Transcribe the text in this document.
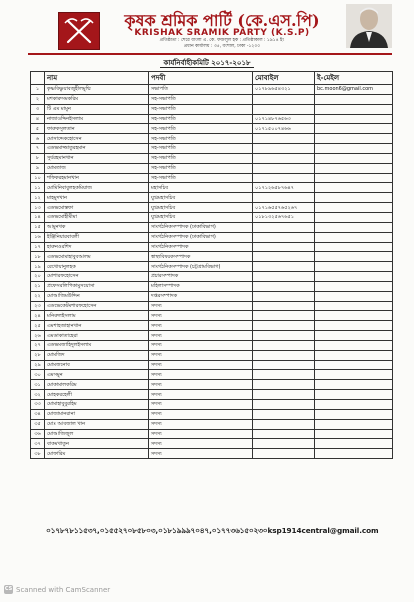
কৃষক শ্রমিক পার্টি (কে.এস.পি)
KRISHAK SRAMIK PARTY (K.S.P)
প্রতিষ্ঠাতা : শেরে বাংলা এ. কে. ফজলুল হক : প্রতিষ্ঠাকাল : ১৯১৪ ইং
প্রধান কার্যালয় : ৩৫, বংশাল, ঢাকা -১২০০
কার্যনির্বাহীকমিটি ২০১৭-২০১৮
	নাম	পদবী	মোবাইল	ই-মেইল
১	কৃষ্ণবিষ্ণুয়াবজুহীলমুম্মি	সভাপতি	০১৭৮৯৬৫৪৩২১	bc.moon6@gmail.com
২	মশকারুসমকরিম	সহ-সভাপতি		
৩	টি এম মামুন	সহ-সভাপতি		
৪	নাজাওদ্দিনইসলাম	সহ-সভাপতি	০১৭১৪৮৭৬৫৬৩	
৫	ফারুকসুলতান	সহ-সভাপতি	০১৭১৫০০৭৪৬৬	
৬	মোসাদ্দেকহোসেন	সহ-সভাপতি		
৭	এডভমাজ্জাতুরহমান	সহ-সভাপতি		
৮	সুর্যরহমানখান	সহ-সভাপতি		
৯	মোমতাজ	সহ-সভাপতি		
১০	শফিকরহমানখান	সহ-সভাপতি		
১১	মোমিনিবাবুলহকমিয়াজ	মহাসচিব	০১৭১২৬৫৮৭৬৪৭	
১২	মাহমুদখান	যুগ্মমহাসচিব		
১৩	এডভমোস্তফা	যুগ্মমহাসচিব	০১৭১৬৫৫৭৬৫২৬৭	
১৪	এডভমোহীমীমা	যুগ্মমহাসচিব	০১৮১৩২৫৬৭৬৫১	
১৫	আমুনখক	সাংগঠনিকসম্পাদক (ঢাকাবিভাগ)		
১৬	ইঞ্জিনিয়ারবাবলী	সাংগঠনিকসম্পাদক (ঢাকাবিভাগ)		
১৭	হারুনওরশিদ	সাংগঠনিকসম্পাদক		
১৮	এডভমোমাহাবুবআলম	স্বাস্থ্যবিষয়কসম্পাদক		
১৯	রেখোয়ানুলহক	সাংগঠনিকসম্পাদক (চট্টগ্রামবিভাগ)		
২০	মোশারফহোসেন	প্রচারসম্পাদক		
২১	প্রফেসরলিপিকামুসয়োসা	মহিলাসম্পাদক		
২২	মোআজিমউদ্দিন	দপ্তরসম্পাদক		
২৩	এডভেকেটমশারফহোসেন	সদস্য		
২৪	মনিরুলইসলাম	সদস্য		
২৫	এমশাহজাহানখান	সদস্য		
২৬	এমডাকাতাহেরা	সদস্য		
২৭	এডভমজাহিদুলইসলাম	সদস্য		
২৮	মোমজিদ	সদস্য		
২৯	মোমজনোব	সদস্য		
৩০	এমসমুন	সদস্য		
৩১	মোকামালকরিম	সদস্য		
৩২	মোহকরহেলী	সদস্য		
৩৩	মোমাহাবুবুরহিম	সদস্য		
৩৪	মোজামানরানা	সদস্য		
৩৫	মোঃ আবজাল খান	সদস্য		
৩৬	মোআজিজুল	সদস্য		
৩৭	বাকমখাতুন	সদস্য		
৩৮	মোফারিম	সদস্য		
০১৭৮৭৮১১৫৩৭,০১৫৫২৭০৮৫৮০৩,০১৮১৯৯৯৭০৪৭,০১৭৭৩৬১৫০২৩০ksp1914central@gmail.com
CS Scanned with CamScanner
